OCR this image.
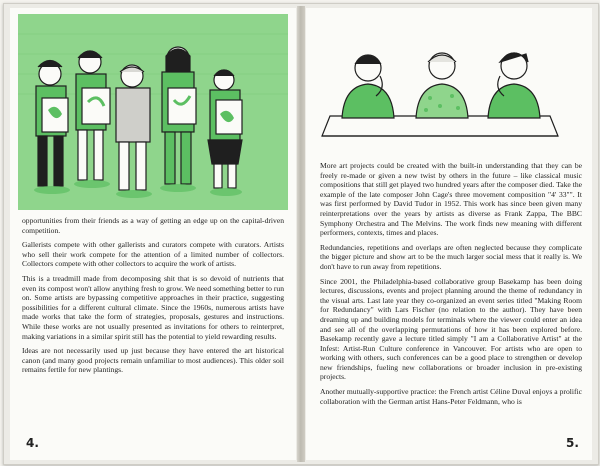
opportunities from their friends as a way of getting an edge up on the capital-driven competition.

Gallerists compete with other gallerists and curators compete with curators. Artists who sell their work compete for the attention of a limited number of collectors. Collectors compete with other collectors to acquire the work of artists.

This is a treadmill made from decomposing shit that is so devoid of nutrients that even its compost won't allow anything fresh to grow. We need something better to run on. Some artists are bypassing competitive approaches in their practice, suggesting possibilities for a different cultural climate. Since the 1960s, numerous artists have made works that take the form of strategies, proposals, gestures and instructions. While these works are not usually presented as invitations for others to reinterpret, making variations in a similar spirit still has the potential to yield rewarding results.

Ideas are not necessarily used up just because they have entered the art historical canon (and many good projects remain unfamiliar to most audiences). This older soil remains fertile for new plantings.

4.

More art projects could be created with the built-in understanding that they can be freely re-made or given a new twist by others in the future – like classical music compositions that still get played two hundred years after the composer died. Take the example of the late composer John Cage's three movement composition "4' 33"". It was first performed by David Tudor in 1952. This work has since been given many reinterpretations over the years by artists as diverse as Frank Zappa, The BBC Symphony Orchestra and The Melvins. The work finds new meaning with different performers, contexts, times and places.

Redundancies, repetitions and overlaps are often neglected because they complicate the bigger picture and show art to be the much larger social mess that it really is. We don't have to run away from repetitions.

Since 2001, the Philadelphia-based collaborative group Basekamp has been doing lectures, discussions, events and project planning around the theme of redundancy in the visual arts. Last late year they co-organized an event series titled "Making Room for Redundancy" with Lars Fischer (no relation to the author). They have been dreaming up and building models for terminals where the viewer could enter an idea and see all of the overlapping permutations of how it has been explored before. Basekamp recently gave a lecture titled simply "I am a Collaborative Artist" at the Infest: Artist-Run Culture conference in Vancouver. For artists who are open to working with others, such conferences can be a good place to strengthen or develop new friendships, fueling new collaborations or broader inclusion in pre-existing projects.

Another mutually-supportive practice: the French artist Céline Duval enjoys a prolific collaboration with the German artist Hans-Peter Feldmann, who is

5.
